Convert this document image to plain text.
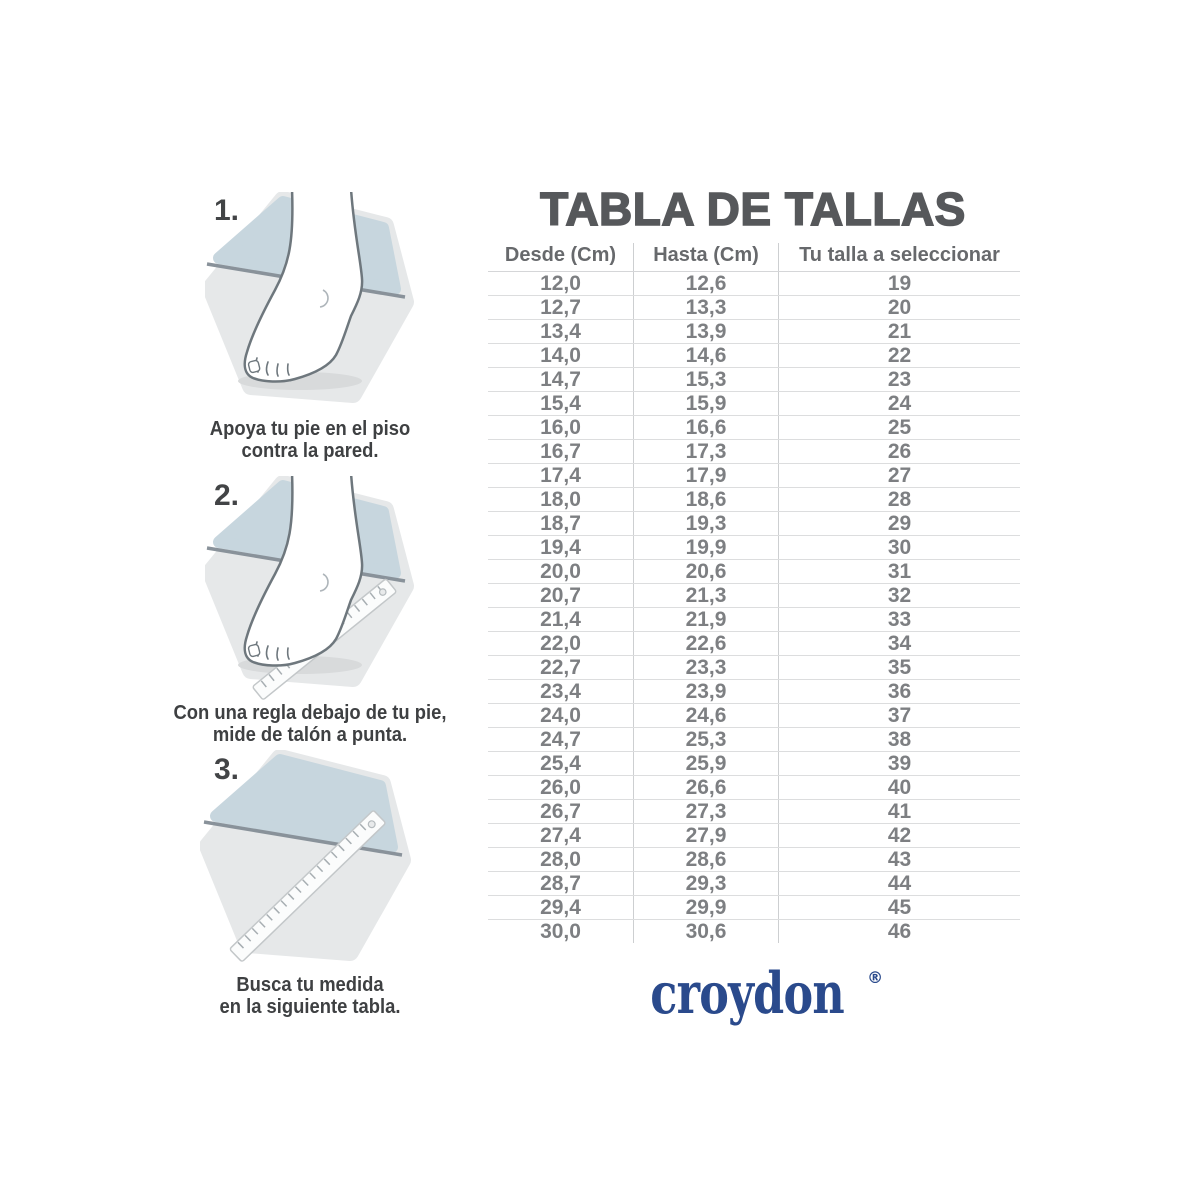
1.
Apoya tu pie en el piso
contra la pared.
2.
Con una regla debajo de tu pie,
mide de talón a punta.
3.
Busca tu medida
en la siguiente tabla.
TABLA DE TALLAS
Desde (Cm)	Hasta (Cm)	Tu talla a seleccionar
12,0	12,6	19
12,7	13,3	20
13,4	13,9	21
14,0	14,6	22
14,7	15,3	23
15,4	15,9	24
16,0	16,6	25
16,7	17,3	26
17,4	17,9	27
18,0	18,6	28
18,7	19,3	29
19,4	19,9	30
20,0	20,6	31
20,7	21,3	32
21,4	21,9	33
22,0	22,6	34
22,7	23,3	35
23,4	23,9	36
24,0	24,6	37
24,7	25,3	38
25,4	25,9	39
26,0	26,6	40
26,7	27,3	41
27,4	27,9	42
28,0	28,6	43
28,7	29,3	44
29,4	29,9	45
30,0	30,6	46
croydon ®
